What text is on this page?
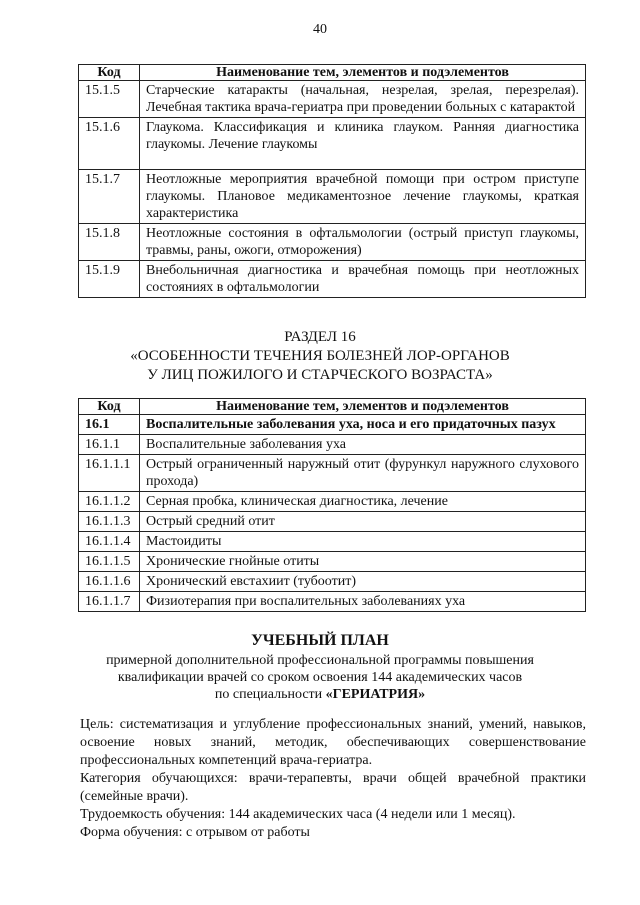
40
Код	Наименование тем, элементов и подэлементов
15.1.5	Старческие катаракты (начальная, незрелая, зрелая, перезрелая). Лечебная тактика врача-гериатра при проведении больных с катарактой
15.1.6	Глаукома. Классификация и клиника глауком. Ранняя диагностика глаукомы. Лечение глаукомы
15.1.7	Неотложные мероприятия врачебной помощи при остром приступе глаукомы. Плановое медикаментозное лечение глаукомы, краткая характеристика
15.1.8	Неотложные состояния в офтальмологии (острый приступ глаукомы, травмы, раны, ожоги, отморожения)
15.1.9	Внебольничная диагностика и врачебная помощь при неотложных состояниях в офтальмологии
РАЗДЕЛ 16
«ОСОБЕННОСТИ ТЕЧЕНИЯ БОЛЕЗНЕЙ ЛОР-ОРГАНОВ
У ЛИЦ ПОЖИЛОГО И СТАРЧЕСКОГО ВОЗРАСТА»
Код	Наименование тем, элементов и подэлементов
16.1	Воспалительные заболевания уха, носа и его придаточных пазух
16.1.1	Воспалительные заболевания уха
16.1.1.1	Острый ограниченный наружный отит (фурункул наружного слухового прохода)
16.1.1.2	Серная пробка, клиническая диагностика, лечение
16.1.1.3	Острый средний отит
16.1.1.4	Мастоидиты
16.1.1.5	Хронические гнойные отиты
16.1.1.6	Хронический евстахиит (тубоотит)
16.1.1.7	Физиотерапия при воспалительных заболеваниях уха
УЧЕБНЫЙ ПЛАН
примерной дополнительной профессиональной программы повышения
квалификации врачей со сроком освоения 144 академических часов
по специальности «ГЕРИАТРИЯ»

Цель: систематизация и углубление профессиональных знаний, умений, навыков, освоение новых знаний, методик, обеспечивающих совершенствование профессиональных компетенций врача-гериатра.

Категория обучающихся: врачи-терапевты, врачи общей врачебной практики (семейные врачи).

Трудоемкость обучения: 144 академических часа (4 недели или 1 месяц).

Форма обучения: с отрывом от работы
